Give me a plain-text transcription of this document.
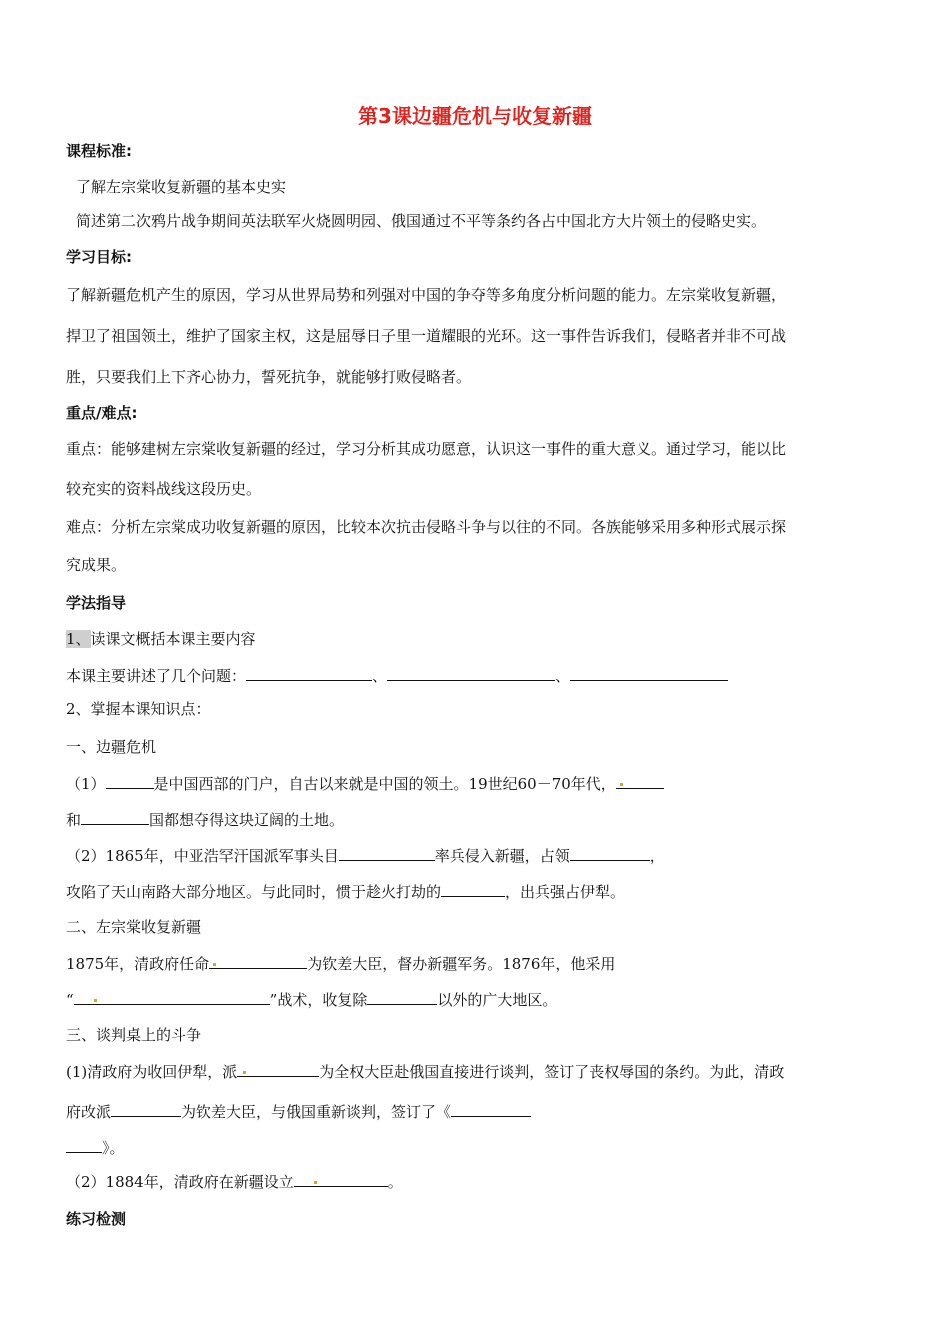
第3课边疆危机与收复新疆
课程标准:
了解左宗棠收复新疆的基本史实
简述第二次鸦片战争期间英法联军火烧圆明园、俄国通过不平等条约各占中国北方大片领土的侵略史实。
学习目标:
了解新疆危机产生的原因，学习从世界局势和列强对中国的争夺等多角度分析问题的能力。左宗棠收复新疆，
捍卫了祖国领土，维护了国家主权，这是屈辱日子里一道耀眼的光环。这一事件告诉我们，侵略者并非不可战
胜，只要我们上下齐心协力，誓死抗争，就能够打败侵略者。
重点/难点:
重点：能够建树左宗棠收复新疆的经过，学习分析其成功愿意，认识这一事件的重大意义。通过学习，能以比
较充实的资料战线这段历史。
难点：分析左宗棠成功收复新疆的原因，比较本次抗击侵略斗争与以往的不同。各族能够采用多种形式展示探
究成果。
学法指导
1、读课文概括本课主要内容
本课主要讲述了几个问题：	、	、
2、掌握本课知识点：
一、边疆危机
（1）	是中国西部的门户，自古以来就是中国的领土。19世纪60－70年代，
和	国都想夺得这块辽阔的土地。
（2）1865年，中亚浩罕汗国派军事头目	率兵侵入新疆，占领	，
攻陷了天山南路大部分地区。与此同时，惯于趁火打劫的	，出兵强占伊犁。
二、左宗棠收复新疆
1875年，清政府任命	为钦差大臣，督办新疆军务。1876年，他采用
“	”战术，收复除	以外的广大地区。
三、谈判桌上的斗争
(1)清政府为收回伊犁，派	为全权大臣赴俄国直接进行谈判，签订了丧权辱国的条约。为此，清政
府改派	为钦差大臣，与俄国重新谈判，签订了《
》。
（2）1884年，清政府在新疆设立	。
练习检测
